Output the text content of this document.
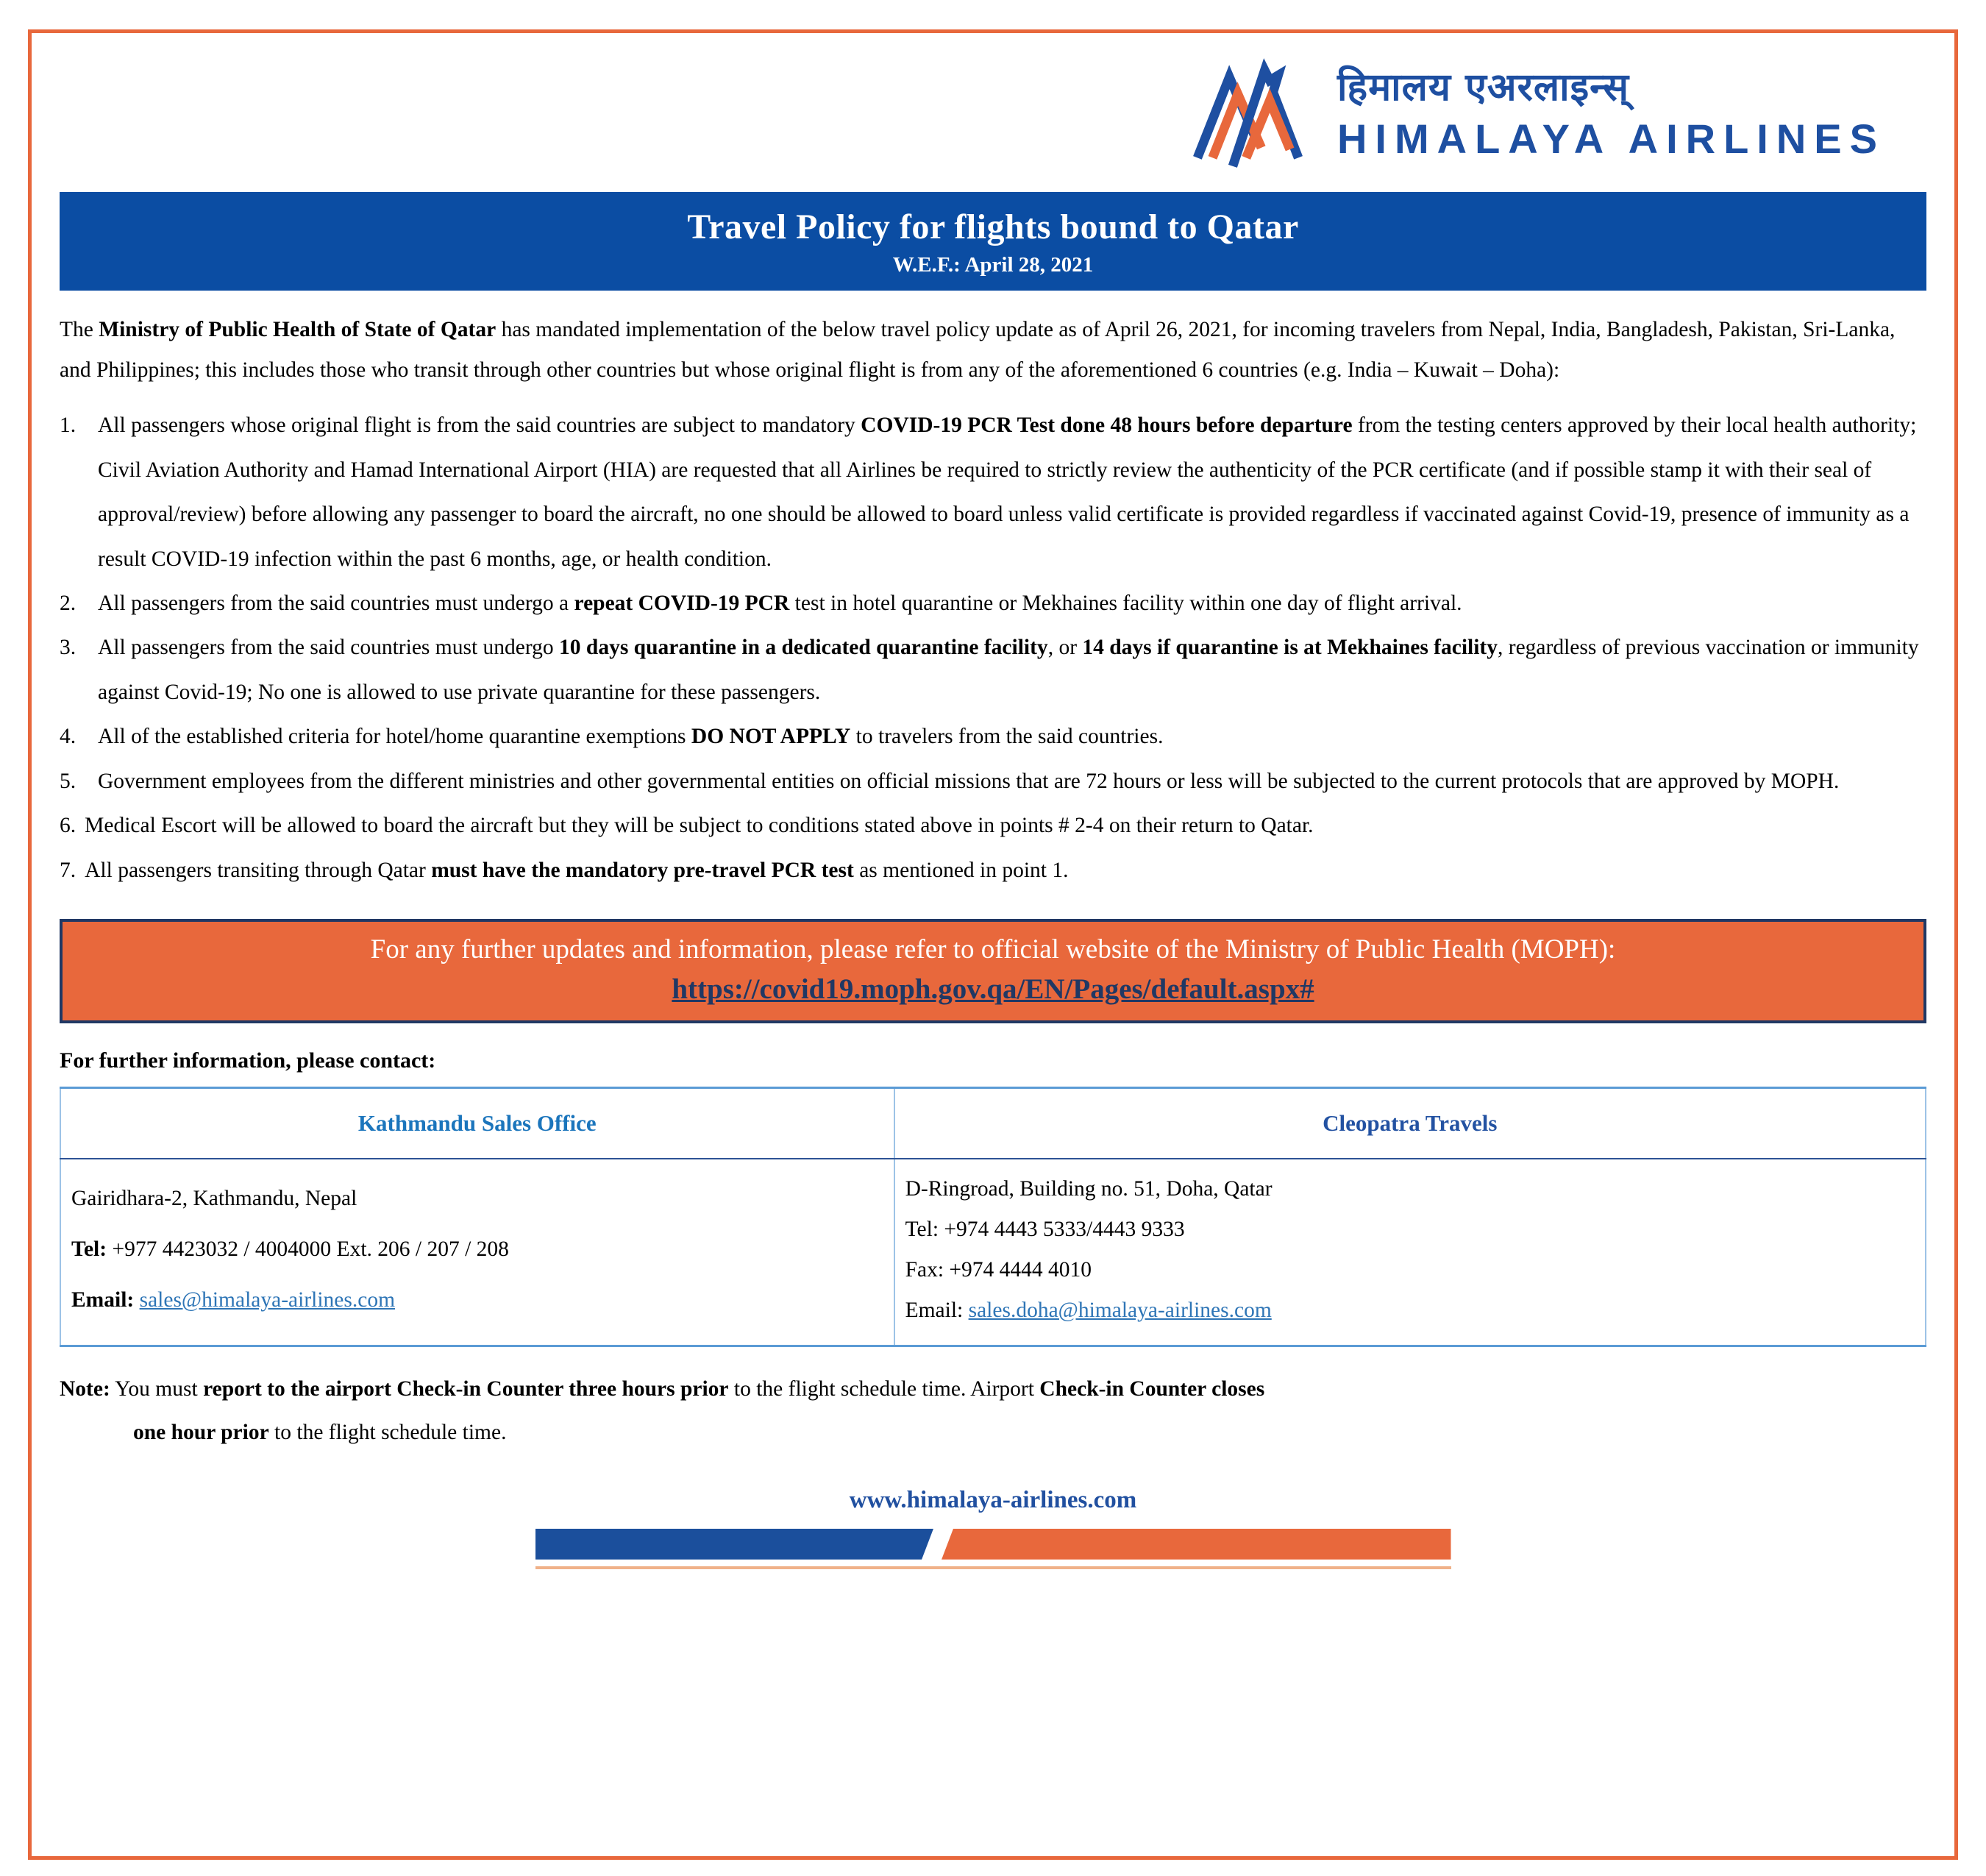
हिमालय एअरलाइन्स्
HIMALAYA AIRLINES
Travel Policy for flights bound to Qatar
W.E.F.: April 28, 2021

The Ministry of Public Health of State of Qatar has mandated implementation of the below travel policy update as of April 26, 2021, for incoming travelers from Nepal, India, Bangladesh, Pakistan, Sri-Lanka, and Philippines; this includes those who transit through other countries but whose original flight is from any of the aforementioned 6 countries (e.g. India – Kuwait – Doha):

1.	All passengers whose original flight is from the said countries are subject to mandatory COVID-19 PCR Test done 48 hours before departure from the testing centers approved by their local health authority; Civil Aviation Authority and Hamad International Airport (HIA) are requested that all Airlines be required to strictly review the authenticity of the PCR certificate (and if possible stamp it with their seal of approval/review) before allowing any passenger to board the aircraft, no one should be allowed to board unless valid certificate is provided regardless if vaccinated against Covid-19, presence of immunity as a result COVID-19 infection within the past 6 months, age, or health condition.
2.	All passengers from the said countries must undergo a repeat COVID-19 PCR test in hotel quarantine or Mekhaines facility within one day of flight arrival.
3.	All passengers from the said countries must undergo 10 days quarantine in a dedicated quarantine facility, or 14 days if quarantine is at Mekhaines facility, regardless of previous vaccination or immunity against Covid-19; No one is allowed to use private quarantine for these passengers.
4.	All of the established criteria for hotel/home quarantine exemptions DO NOT APPLY to travelers from the said countries.
5.	Government employees from the different ministries and other governmental entities on official missions that are 72 hours or less will be subjected to the current protocols that are approved by MOPH.
6. Medical Escort will be allowed to board the aircraft but they will be subject to conditions stated above in points # 2-4 on their return to Qatar.
7. All passengers transiting through Qatar must have the mandatory pre-travel PCR test as mentioned in point 1.
For any further updates and information, please refer to official website of the Ministry of Public Health (MOPH):
https://covid19.moph.gov.qa/EN/Pages/default.aspx#

For further information, please contact:

Kathmandu Sales Office	Cleopatra Travels

Gairidhara-2, Kathmandu, Nepal
Tel: +977 4423032 / 4004000 Ext. 206 / 207 / 208
Email: sales@himalaya-airlines.com

D-Ringroad, Building no. 51, Doha, Qatar
Tel: +974 4443 5333/4443 9333
Fax: +974 4444 4010
Email: sales.doha@himalaya-airlines.com

Note: You must report to the airport Check-in Counter three hours prior to the flight schedule time. Airport Check-in Counter closes
one hour prior to the flight schedule time.

www.himalaya-airlines.com
